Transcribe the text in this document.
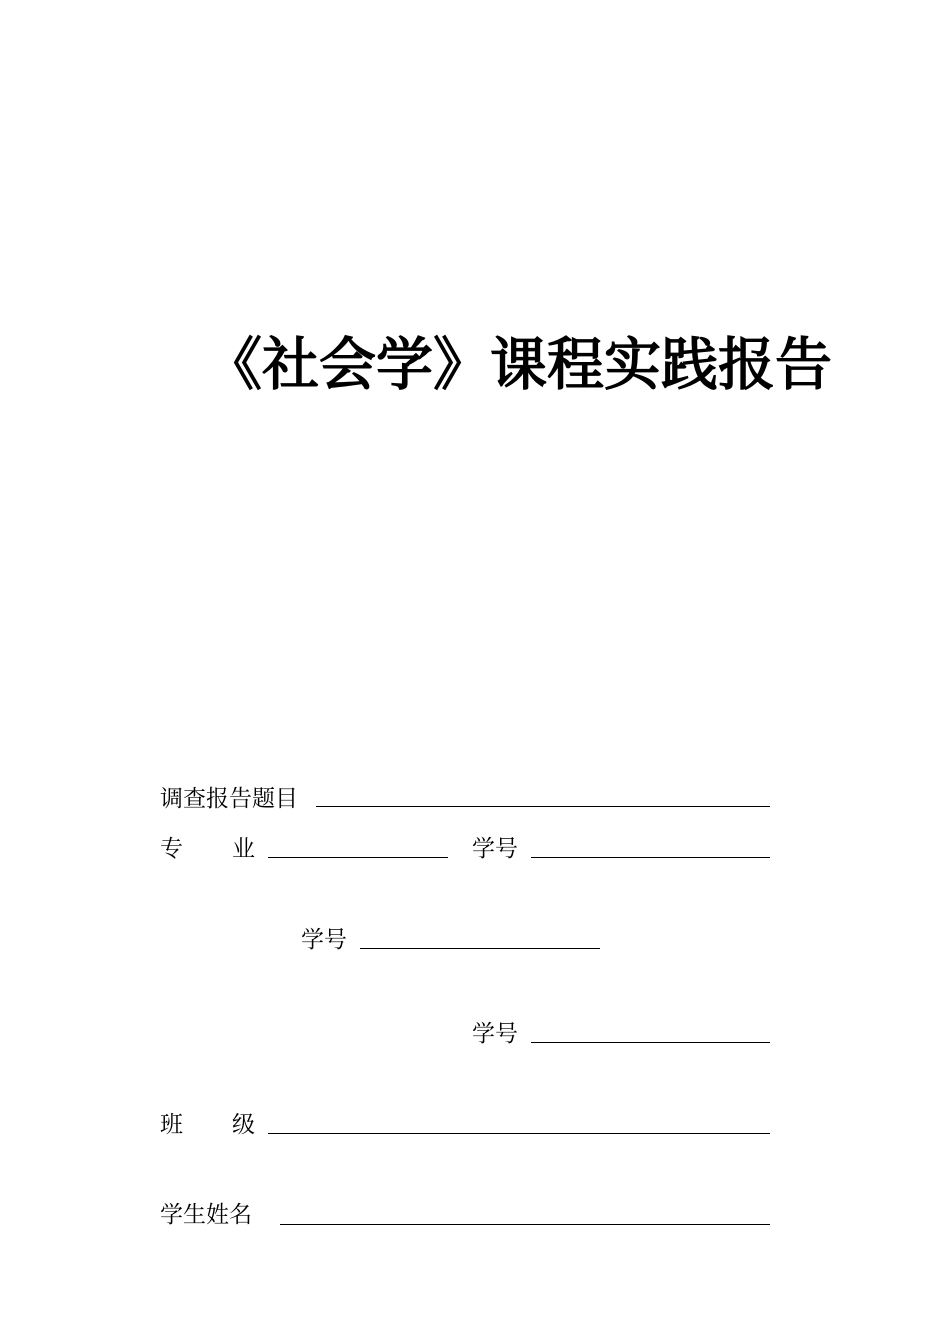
《社会学》课程实践报告
调查报告题目
专 业	学号
学号
学号
班 级
学生姓名
